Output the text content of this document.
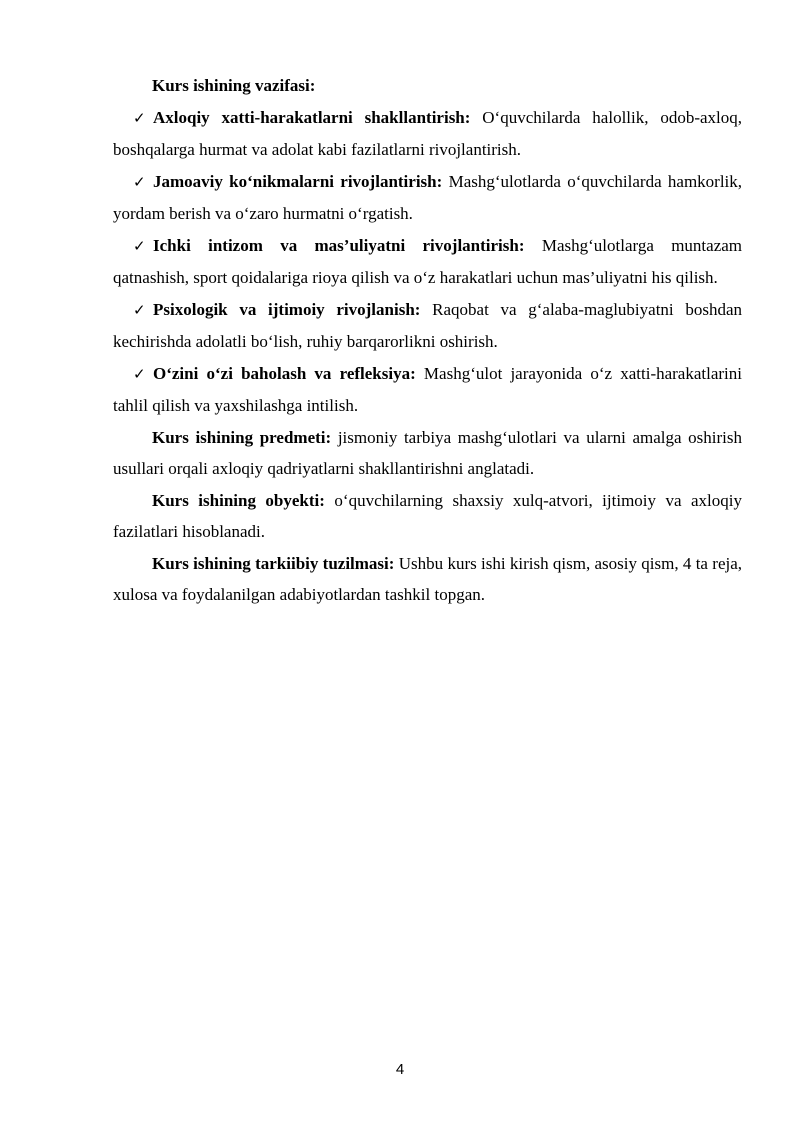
Kurs ishining vazifasi:

✓ Axloqiy xatti-harakatlarni shakllantirish: O‘quvchilarda halollik, odob-axloq, boshqalarga hurmat va adolat kabi fazilatlarni rivojlantirish.

✓ Jamoaviy ko‘nikmalarni rivojlantirish: Mashg‘ulotlarda o‘quvchilarda hamkorlik, yordam berish va o‘zaro hurmatni o‘rgatish.

✓ Ichki intizom va mas’uliyatni rivojlantirish: Mashg‘ulotlarga muntazam qatnashish, sport qoidalariga rioya qilish va o‘z harakatlari uchun mas’uliyatni his qilish.

✓ Psixologik va ijtimoiy rivojlanish: Raqobat va g‘alaba-maglubiyatni boshdan kechirishda adolatli bo‘lish, ruhiy barqarorlikni oshirish.

✓ O‘zini o‘zi baholash va refleksiya: Mashg‘ulot jarayonida o‘z xatti-harakatlarini tahlil qilish va yaxshilashga intilish.

Kurs ishining predmeti: jismoniy tarbiya mashg‘ulotlari va ularni amalga oshirish usullari orqali axloqiy qadriyatlarni shakllantirishni anglatadi.

Kurs ishining obyekti: o‘quvchilarning shaxsiy xulq-atvori, ijtimoiy va axloqiy fazilatlari hisoblanadi.

Kurs ishining tarkiibiy tuzilmasi: Ushbu kurs ishi kirish qism, asosiy qism, 4 ta reja, xulosa va foydalanilgan adabiyotlardan tashkil topgan.

4
